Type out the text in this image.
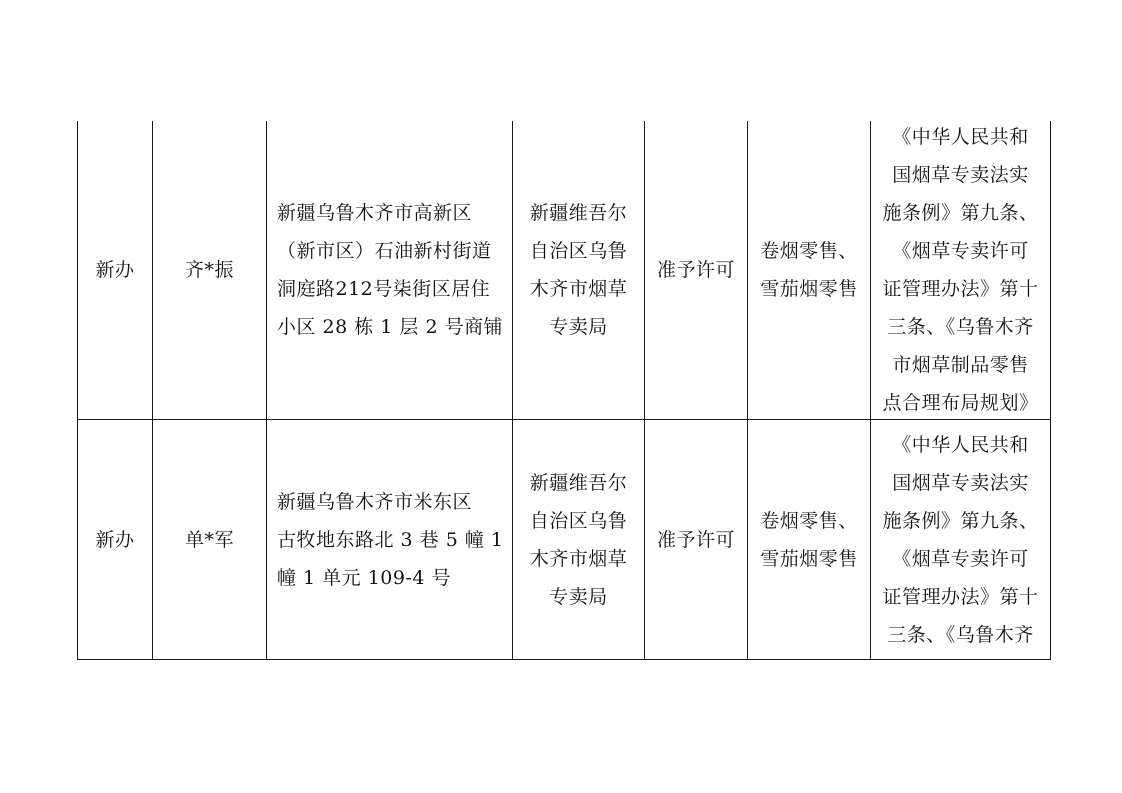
新办	齐*振
新疆乌鲁木齐市高新区
（新市区）石油新村街道
洞庭路212号柒街区居住
小区 28 栋 1 层 2 号商铺
新疆维吾尔
自治区乌鲁
木齐市烟草
专卖局
准予许可
卷烟零售、
雪茄烟零售
《中华人民共和
国烟草专卖法实
施条例》第九条、
《烟草专卖许可
证管理办法》第十
三条、《乌鲁木齐
市烟草制品零售
点合理布局规划》
新办	单*军
新疆乌鲁木齐市米东区
古牧地东路北 3 巷 5 幢 1
幢 1 单元 109-4 号
新疆维吾尔
自治区乌鲁
木齐市烟草
专卖局
准予许可
卷烟零售、
雪茄烟零售
《中华人民共和
国烟草专卖法实
施条例》第九条、
《烟草专卖许可
证管理办法》第十
三条、《乌鲁木齐
